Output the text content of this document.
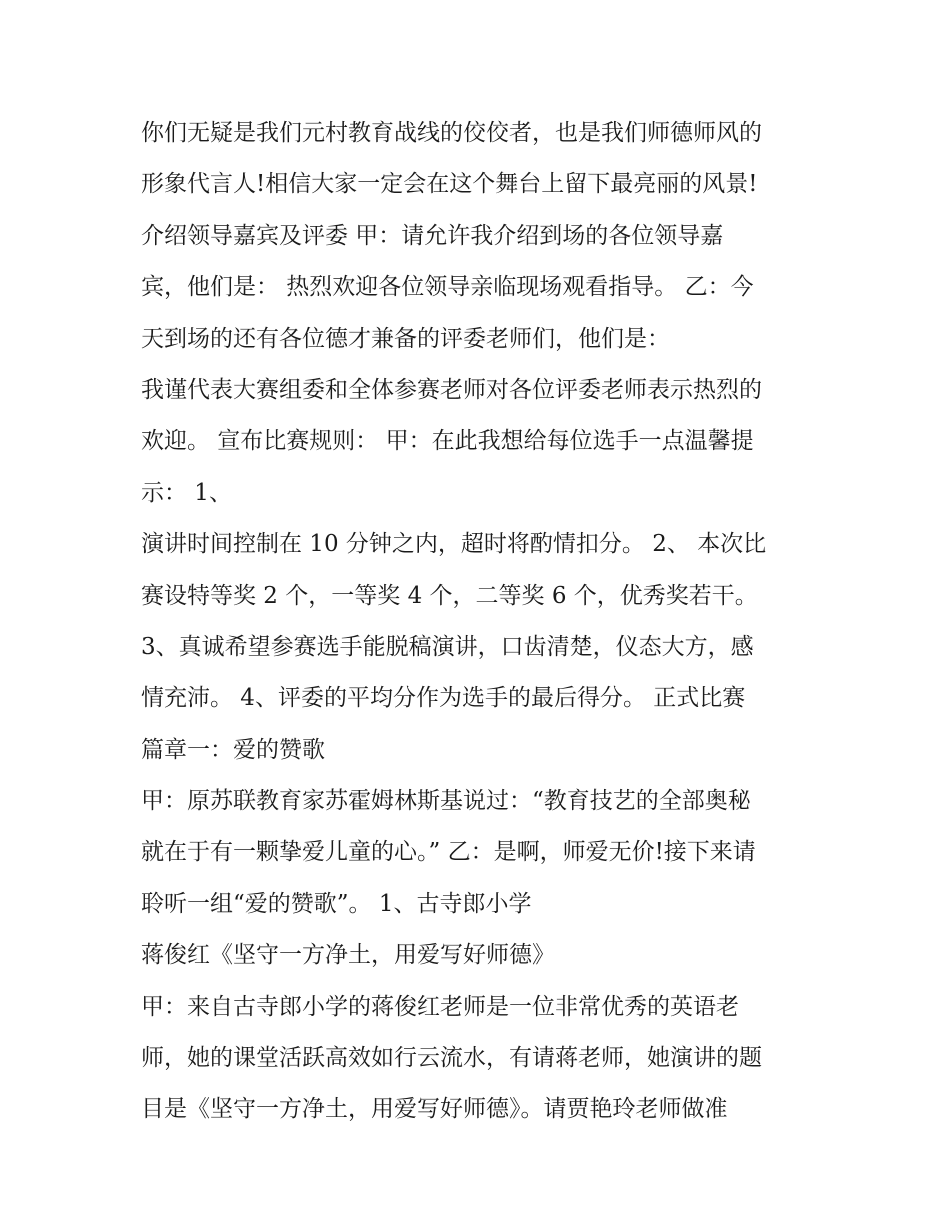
你们无疑是我们元村教育战线的佼佼者，也是我们师德师风的
形象代言人!相信大家一定会在这个舞台上留下最亮丽的风景!
介绍领导嘉宾及评委 甲：请允许我介绍到场的各位领导嘉
宾，他们是： 热烈欢迎各位领导亲临现场观看指导。 乙：今
天到场的还有各位德才兼备的评委老师们，他们是：
我谨代表大赛组委和全体参赛老师对各位评委老师表示热烈的
欢迎。 宣布比赛规则： 甲：在此我想给每位选手一点温馨提
示： 1、
演讲时间控制在 10 分钟之内，超时将酌情扣分。 2、 本次比
赛设特等奖 2 个，一等奖 4 个，二等奖 6 个，优秀奖若干。
3、真诚希望参赛选手能脱稿演讲，口齿清楚，仪态大方，感
情充沛。 4、评委的平均分作为选手的最后得分。 正式比赛
篇章一：爱的赞歌
甲：原苏联教育家苏霍姆林斯基说过：“教育技艺的全部奥秘
就在于有一颗挚爱儿童的心。” 乙：是啊，师爱无价!接下来请
聆听一组“爱的赞歌”。 1、古寺郎小学
蒋俊红《坚守一方净土，用爱写好师德》
甲：来自古寺郎小学的蒋俊红老师是一位非常优秀的英语老
师，她的课堂活跃高效如行云流水，有请蒋老师，她演讲的题
目是《坚守一方净土，用爱写好师德》。请贾艳玲老师做准
